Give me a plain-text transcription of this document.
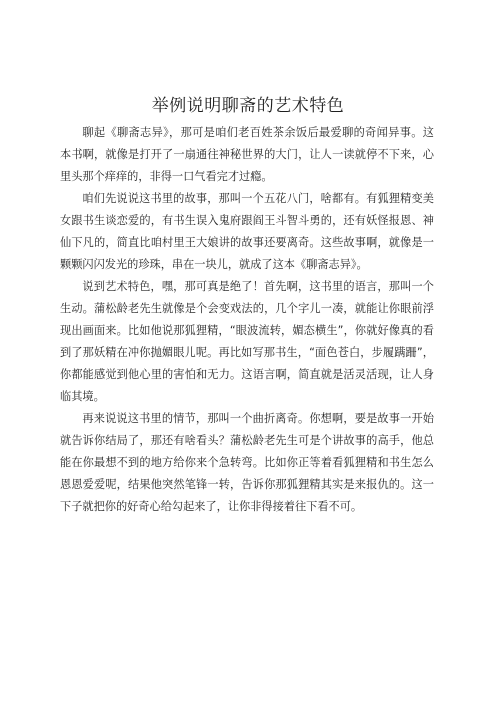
举例说明聊斋的艺术特色

聊起《聊斋志异》，那可是咱们老百姓茶余饭后最爱聊的奇闻异事。这本书啊，就像是打开了一扇通往神秘世界的大门，让人一读就停不下来，心里头那个痒痒的，非得一口气看完才过瘾。

咱们先说说这书里的故事，那叫一个五花八门，啥都有。有狐狸精变美女跟书生谈恋爱的，有书生误入鬼府跟阎王斗智斗勇的，还有妖怪报恩、神仙下凡的，简直比咱村里王大娘讲的故事还要离奇。这些故事啊，就像是一颗颗闪闪发光的珍珠，串在一块儿，就成了这本《聊斋志异》。

说到艺术特色，嘿，那可真是绝了！首先啊，这书里的语言，那叫一个生动。蒲松龄老先生就像是个会变戏法的，几个字儿一凑，就能让你眼前浮现出画面来。比如他说那狐狸精，“眼波流转，媚态横生”，你就好像真的看到了那妖精在冲你抛媚眼儿呢。再比如写那书生，“面色苍白，步履蹒跚”，你都能感觉到他心里的害怕和无力。这语言啊，简直就是活灵活现，让人身临其境。

再来说说这书里的情节，那叫一个曲折离奇。你想啊，要是故事一开始就告诉你结局了，那还有啥看头？蒲松龄老先生可是个讲故事的高手，他总能在你最想不到的地方给你来个急转弯。比如你正等着看狐狸精和书生怎么恩恩爱爱呢，结果他突然笔锋一转，告诉你那狐狸精其实是来报仇的。这一下子就把你的好奇心给勾起来了，让你非得接着往下看不可。
